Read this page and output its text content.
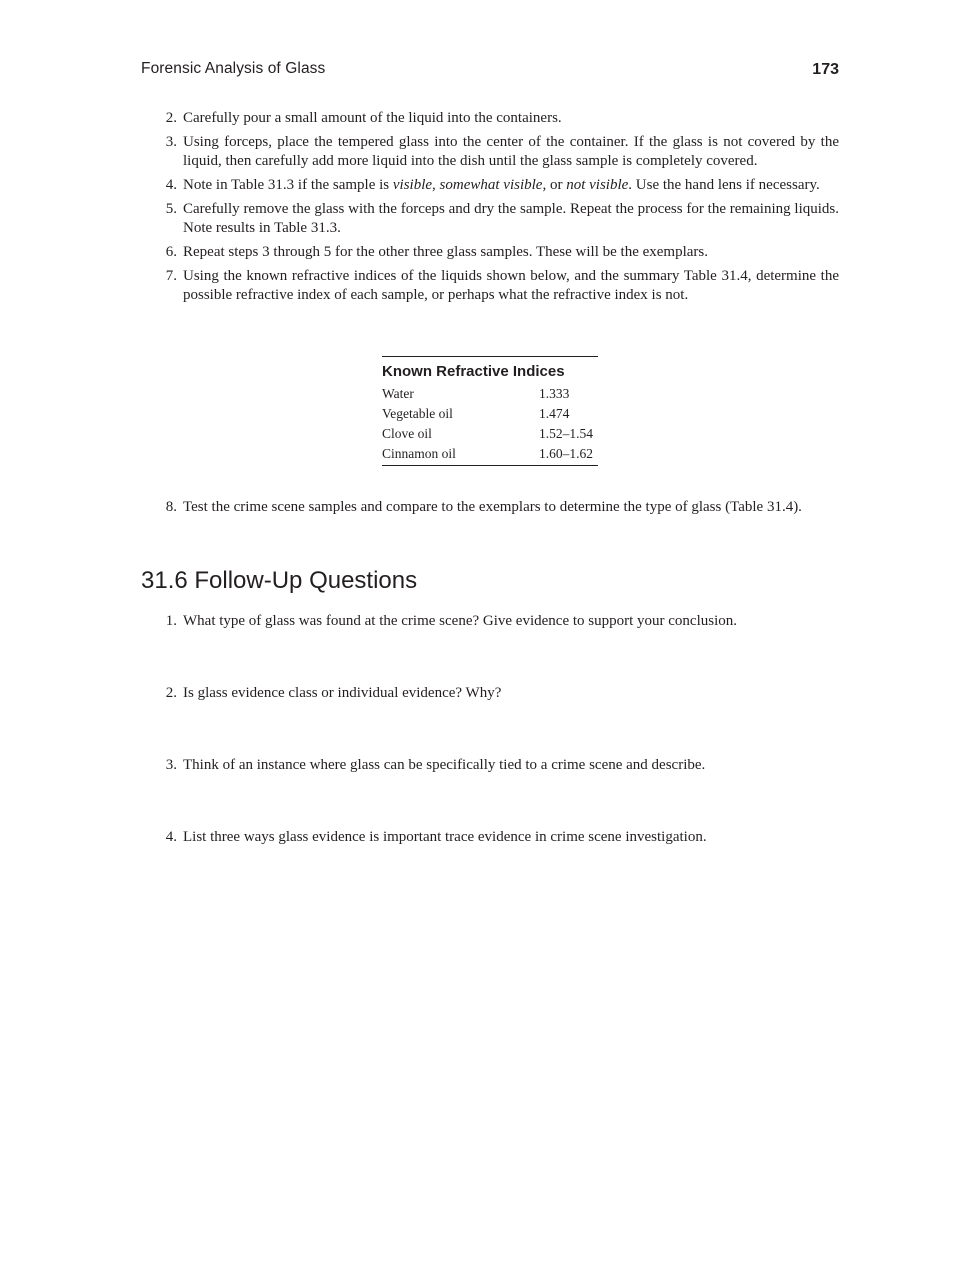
Forensic Analysis of Glass	173
2. Carefully pour a small amount of the liquid into the containers.
3. Using forceps, place the tempered glass into the center of the container. If the glass is not covered by the liquid, then carefully add more liquid into the dish until the glass sample is completely covered.
4. Note in Table 31.3 if the sample is visible, somewhat visible, or not visible. Use the hand lens if necessary.
5. Carefully remove the glass with the forceps and dry the sample. Repeat the process for the remaining liquids. Note results in Table 31.3.
6. Repeat steps 3 through 5 for the other three glass samples. These will be the exemplars.
7. Using the known refractive indices of the liquids shown below, and the summary Table 31.4, determine the possible refractive index of each sample, or perhaps what the refractive index is not.
Known Refractive Indices
Water	1.333
Vegetable oil	1.474
Clove oil	1.52–1.54
Cinnamon oil	1.60–1.62
8. Test the crime scene samples and compare to the exemplars to determine the type of glass (Table 31.4).
31.6 Follow-Up Questions
1. What type of glass was found at the crime scene? Give evidence to support your conclusion.
2. Is glass evidence class or individual evidence? Why?
3. Think of an instance where glass can be specifically tied to a crime scene and describe.
4. List three ways glass evidence is important trace evidence in crime scene investigation.
